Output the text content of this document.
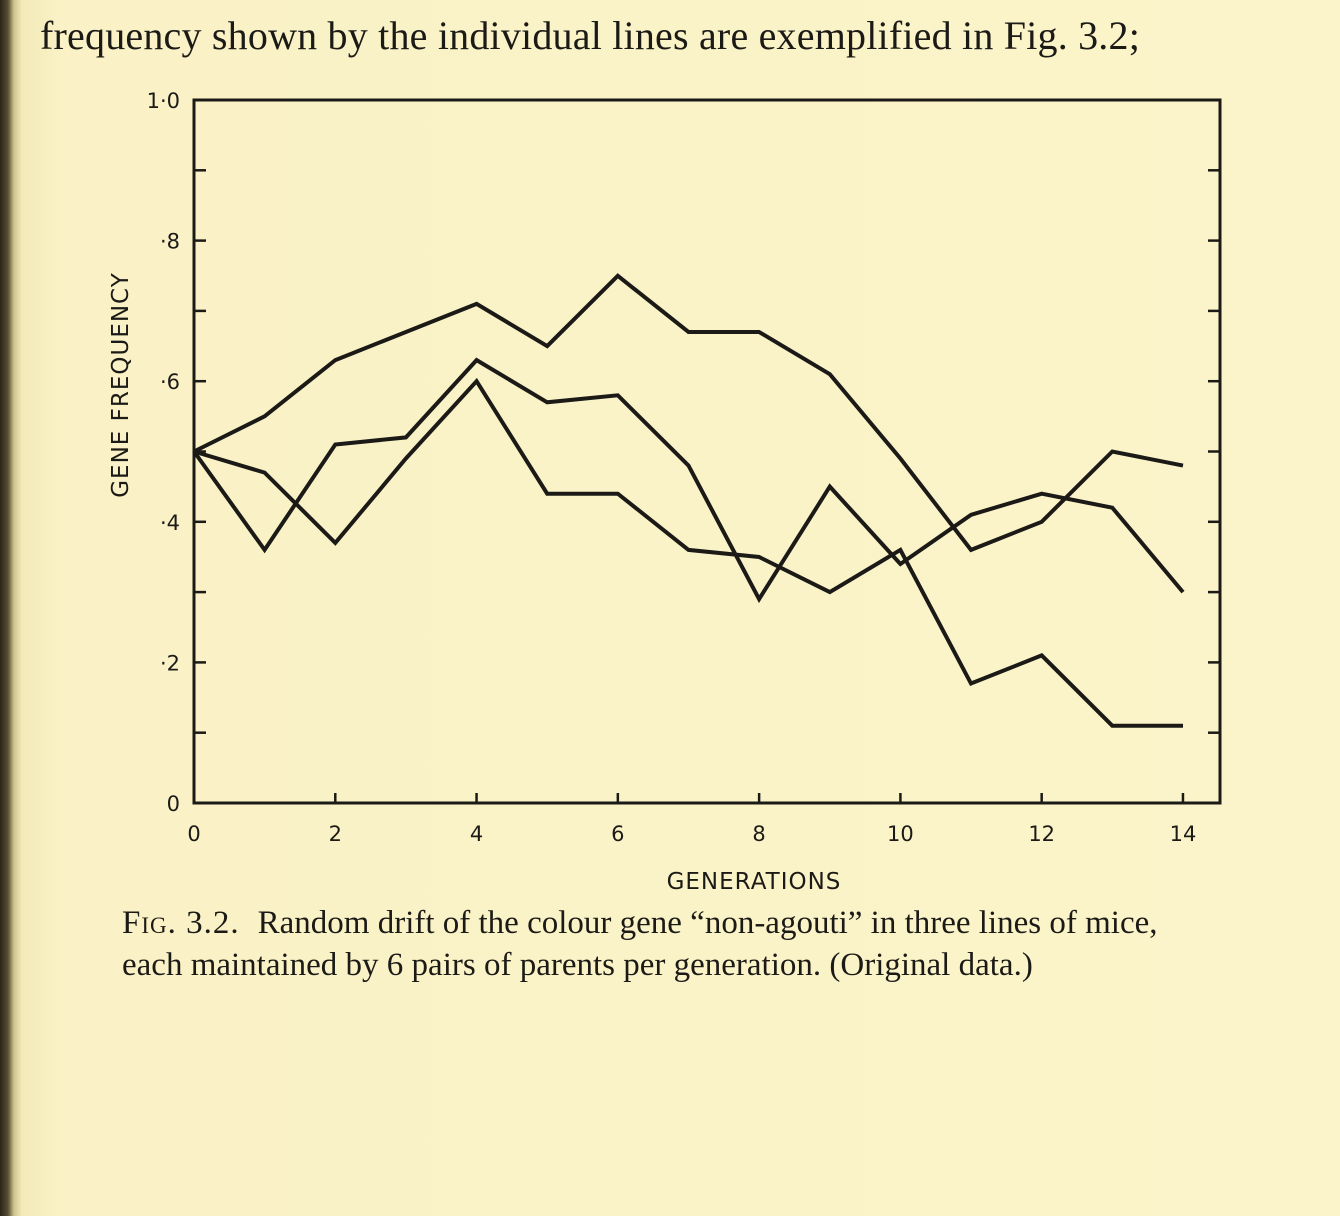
frequency shown by the individual lines are exemplified in Fig. 3.2;
0
·2
·4
·6
·8
1·0
0	2	4	6	8	10	12	14
GENERATIONS
GENE FREQUENCY
Fig. 3.2. Random drift of the colour gene “non-agouti” in three lines of mice, each maintained by 6 pairs of parents per generation. (Original data.)
